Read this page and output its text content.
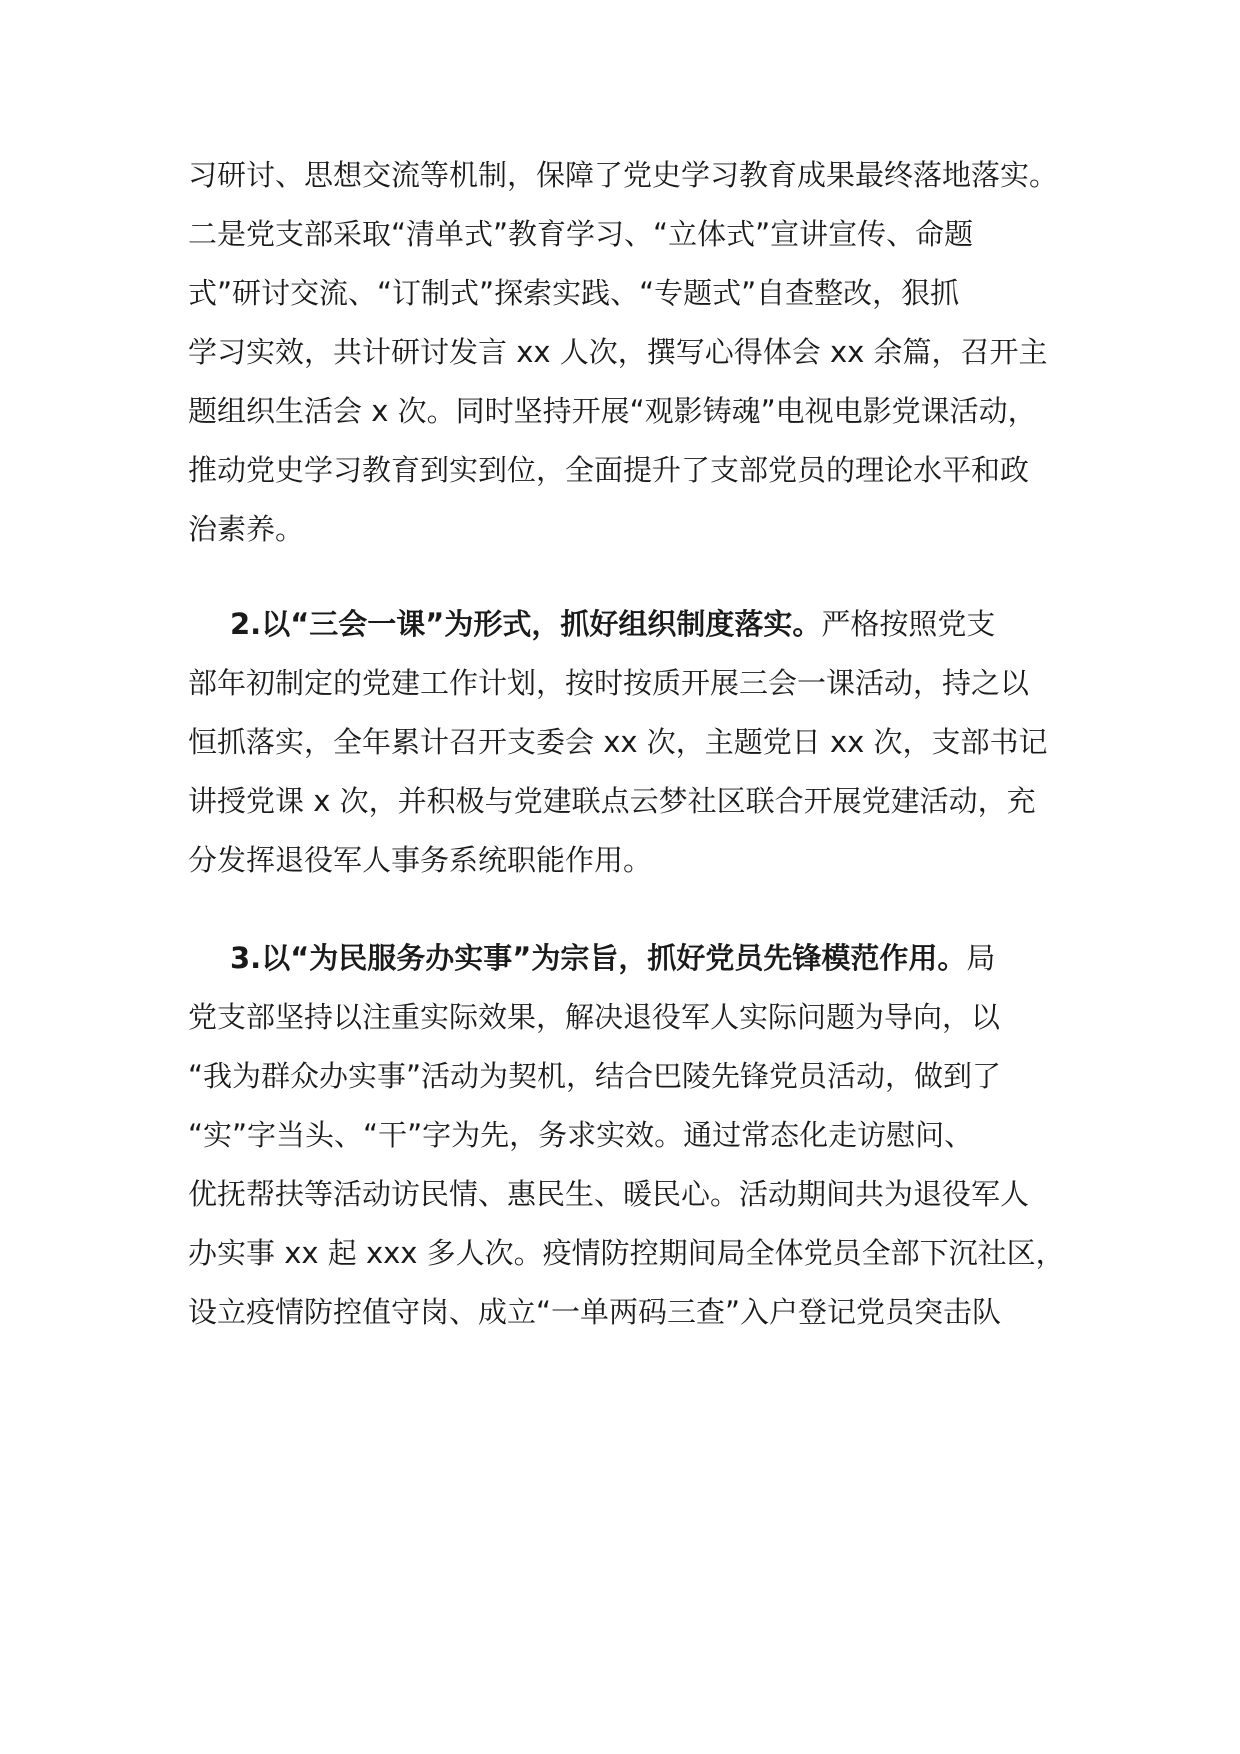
习研讨、思想交流等机制，保障了党史学习教育成果最终落地落实。
二是党支部采取“清单式”教育学习、“立体式”宣讲宣传、命题
式”研讨交流、“订制式”探索实践、“专题式”自查整改，狠抓
学习实效，共计研讨发言 xx 人次，撰写心得体会 xx 余篇，召开主
题组织生活会 x 次。同时坚持开展“观影铸魂”电视电影党课活动，
推动党史学习教育到实到位，全面提升了支部党员的理论水平和政
治素养。
2.以“三会一课”为形式，抓好组织制度落实。严格按照党支
部年初制定的党建工作计划，按时按质开展三会一课活动，持之以
恒抓落实，全年累计召开支委会 xx 次，主题党日 xx 次，支部书记
讲授党课 x 次，并积极与党建联点云梦社区联合开展党建活动，充
分发挥退役军人事务系统职能作用。
3.以“为民服务办实事”为宗旨，抓好党员先锋模范作用。局
党支部坚持以注重实际效果，解决退役军人实际问题为导向，以
“我为群众办实事”活动为契机，结合巴陵先锋党员活动，做到了
“实”字当头、“干”字为先，务求实效。通过常态化走访慰问、
优抚帮扶等活动访民情、惠民生、暖民心。活动期间共为退役军人
办实事 xx 起 xxx 多人次。疫情防控期间局全体党员全部下沉社区，
设立疫情防控值守岗、成立“一单两码三查”入户登记党员突击队
